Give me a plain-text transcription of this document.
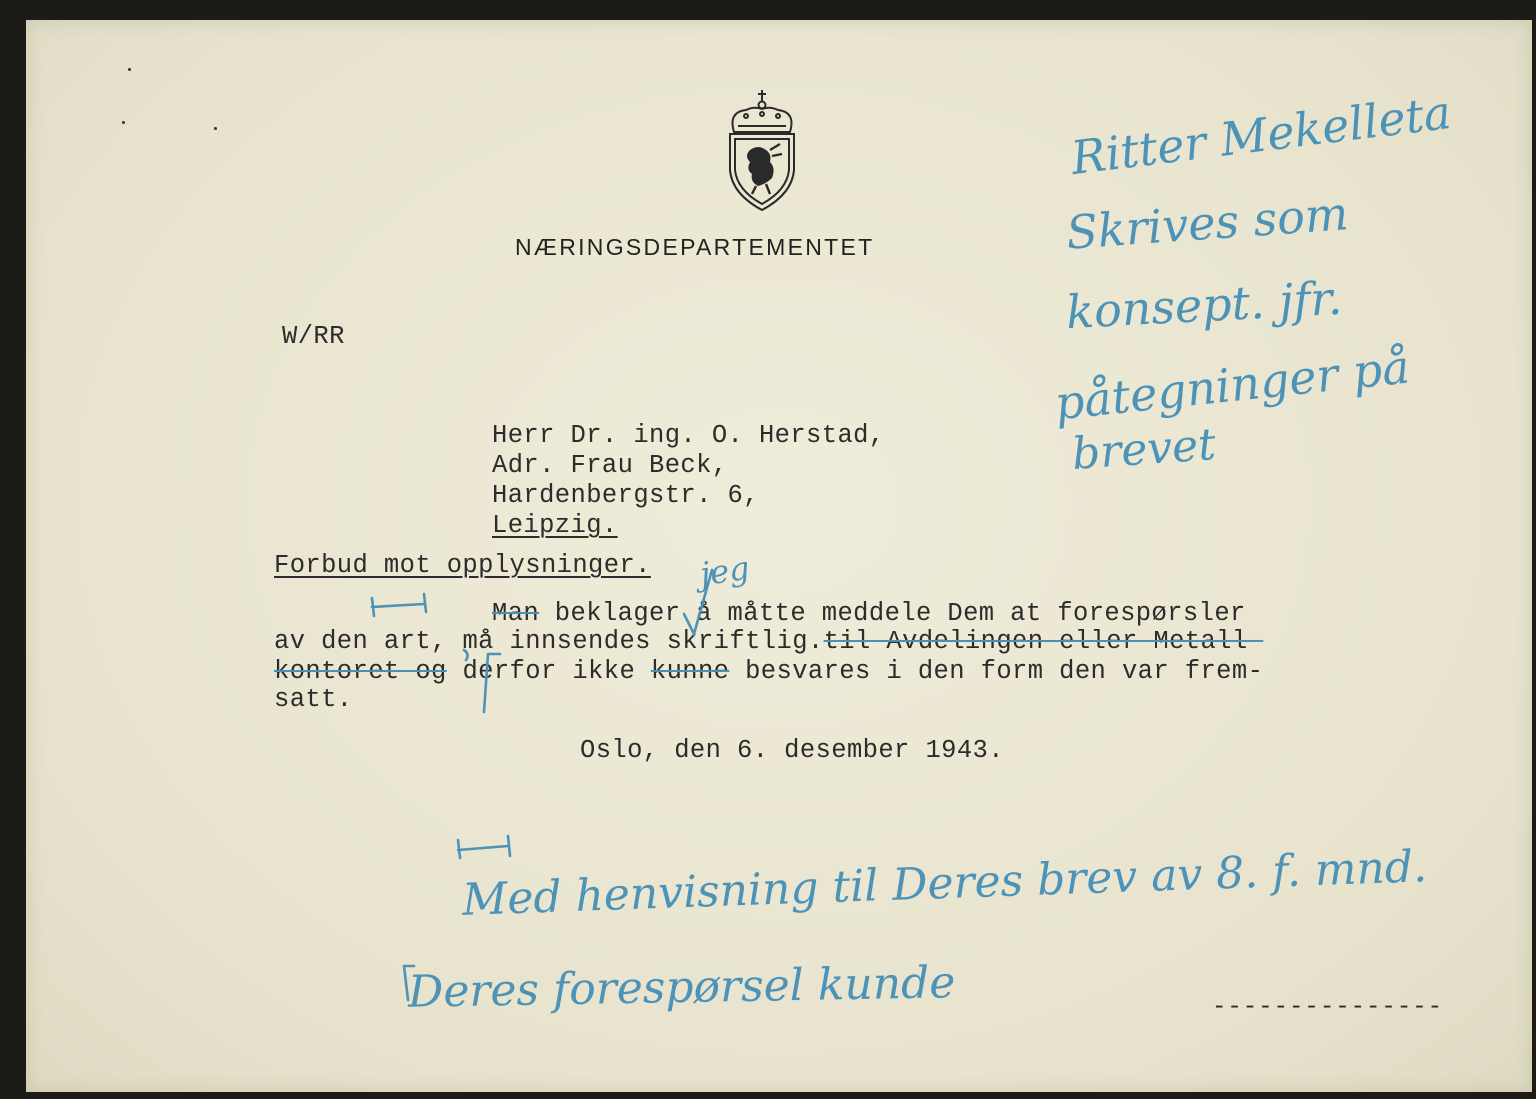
NÆRINGSDEPARTEMENTET
W/RR
Herr Dr. ing. O. Herstad,
Adr. Frau Beck,
Hardenbergstr. 6,
Leipzig.
Forbud mot opplysninger.
Man beklager å måtte meddele Dem at forespørsler
av den art, må innsendes skriftlig.til Avdelingen eller Metall-
kontoret og derfor ikke kunne besvares i den form den var frem-
satt.
Oslo, den 6. desember 1943.
Ritter Mekelleta
Skrives som
konsept. jfr.
påtegninger på
brevet
jeg
Med henvisning til Deres brev av 8. f. mnd.
Deres forespørsel kunde	---------------
